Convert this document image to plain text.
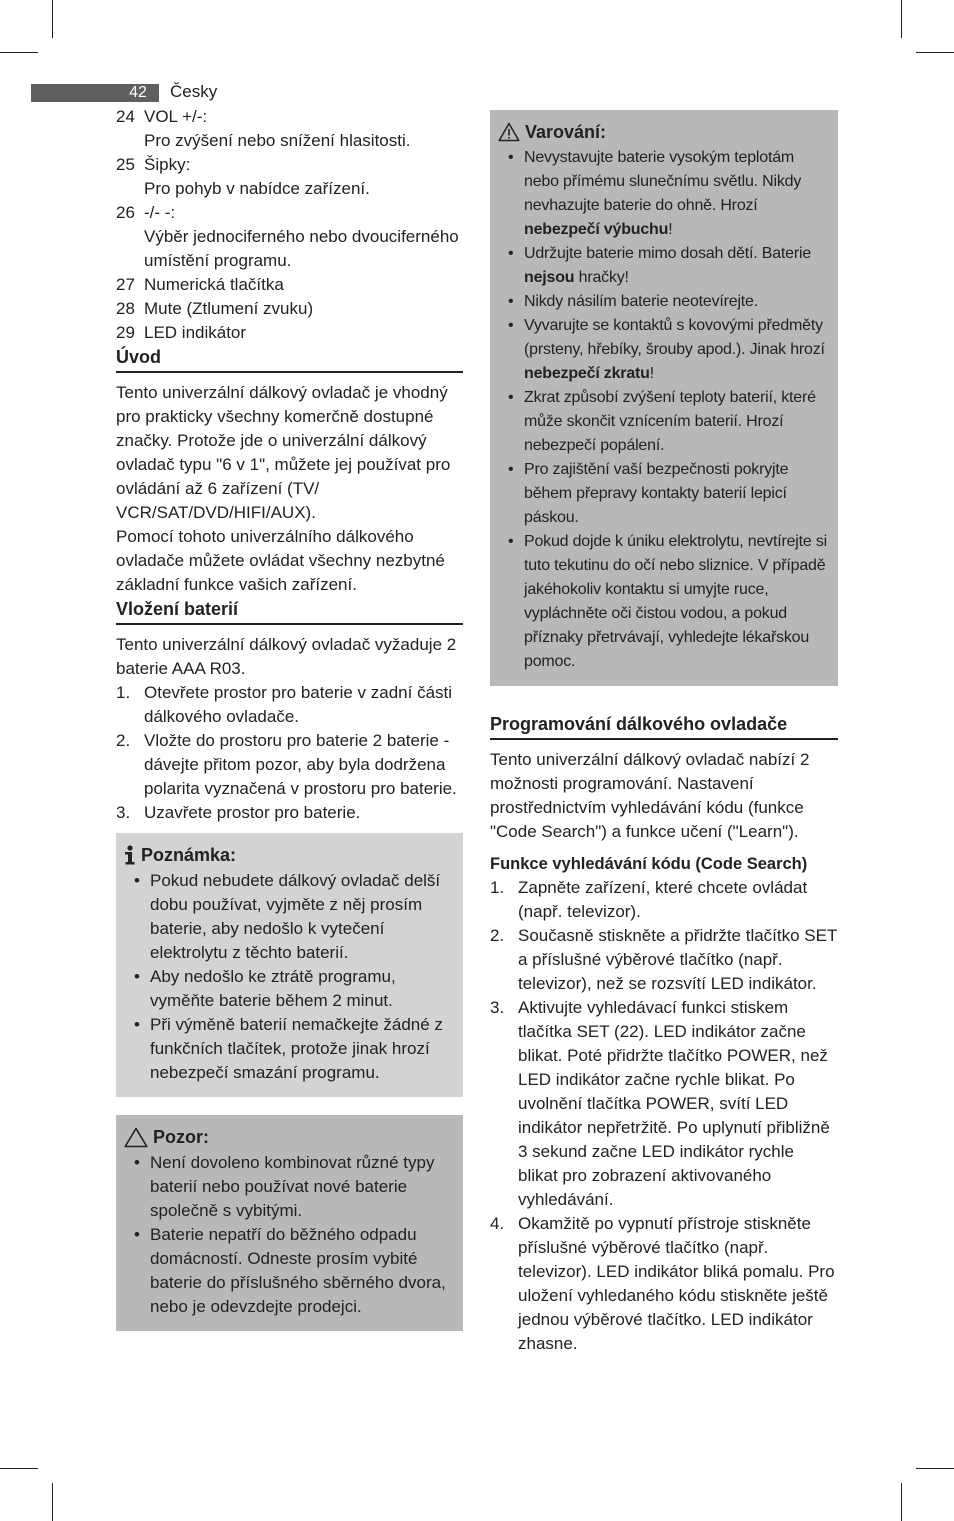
42	Česky
24 VOL +/-:
Pro zvýšení nebo snížení hlasitosti.
25 Šipky:
Pro pohyb v nabídce zařízení.
26 -/- -:
Výběr jednociferného nebo dvouciferného umístění programu.
27 Numerická tlačítka
28 Mute (Ztlumení zvuku)
29 LED indikátor
Úvod

Tento univerzální dálkový ovladač je vhodný pro prakticky všechny komerčně dostupné značky. Protože jde o univerzální dálkový ovladač typu "6 v 1", můžete jej používat pro ovládání až 6 zařízení (TV/ VCR/SAT/DVD/HIFI/AUX).

Pomocí tohoto univerzálního dálkového ovladače můžete ovládat všechny nezbytné základní funkce vašich zařízení.

Vložení baterií

Tento univerzální dálkový ovladač vyžaduje 2 baterie AAA R03.

1. Otevřete prostor pro baterie v zadní části dálkového ovladače.
2. Vložte do prostoru pro baterie 2 baterie - dávejte přitom pozor, aby byla dodržena polarita vyznačená v prostoru pro baterie.
3. Uzavřete prostor pro baterie.
Poznámka:
• Pokud nebudete dálkový ovladač delší dobu používat, vyjměte z něj prosím baterie, aby nedošlo k vytečení elektrolytu z těchto baterií.
• Aby nedošlo ke ztrátě programu, vyměňte baterie během 2 minut.
• Při výměně baterií nemačkejte žádné z funkčních tlačítek, protože jinak hrozí nebezpečí smazání programu.
Pozor:
• Není dovoleno kombinovat různé typy baterií nebo používat nové baterie společně s vybitými.
• Baterie nepatří do běžného odpadu domácností. Odneste prosím vybité baterie do příslušného sběrného dvora, nebo je odevzdejte prodejci.
Varování:
• Nevystavujte baterie vysokým teplotám nebo přímému slunečnímu světlu. Nikdy nevhazujte baterie do ohně. Hrozí nebezpečí výbuchu!
• Udržujte baterie mimo dosah dětí. Baterie nejsou hračky!
• Nikdy násilím baterie neotevírejte.
• Vyvarujte se kontaktů s kovovými předměty (prsteny, hřebíky, šrouby apod.). Jinak hrozí nebezpečí zkratu!
• Zkrat způsobí zvýšení teploty baterií, které může skončit vznícením baterií. Hrozí nebezpečí popálení.
• Pro zajištění vaší bezpečnosti pokryjte během přepravy kontakty baterií lepicí páskou.
• Pokud dojde k úniku elektrolytu, nevtírejte si tuto tekutinu do očí nebo sliznice. V případě jakéhokoliv kontaktu si umyjte ruce, vypláchněte oči čistou vodou, a pokud příznaky přetrvávají, vyhledejte lékařskou pomoc.
Programování dálkového ovladače

Tento univerzální dálkový ovladač nabízí 2 možnosti programování. Nastavení prostřednictvím vyhledávání kódu (funkce "Code Search") a funkce učení ("Learn").

Funkce vyhledávání kódu (Code Search)
1. Zapněte zařízení, které chcete ovládat (např. televizor).
2. Současně stiskněte a přidržte tlačítko SET a příslušné výběrové tlačítko (např. televizor), než se rozsvítí LED indikátor.
3. Aktivujte vyhledávací funkci stiskem tlačítka SET (22). LED indikátor začne blikat. Poté přidržte tlačítko POWER, než LED indikátor začne rychle blikat. Po uvolnění tlačítka POWER, svítí LED indikátor nepřetržitě. Po uplynutí přibližně 3 sekund začne LED indikátor rychle blikat pro zobrazení aktivovaného vyhledávání.
4. Okamžitě po vypnutí přístroje stiskněte příslušné výběrové tlačítko (např. televizor). LED indikátor bliká pomalu. Pro uložení vyhledaného kódu stiskněte ještě jednou výběrové tlačítko. LED indikátor zhasne.
